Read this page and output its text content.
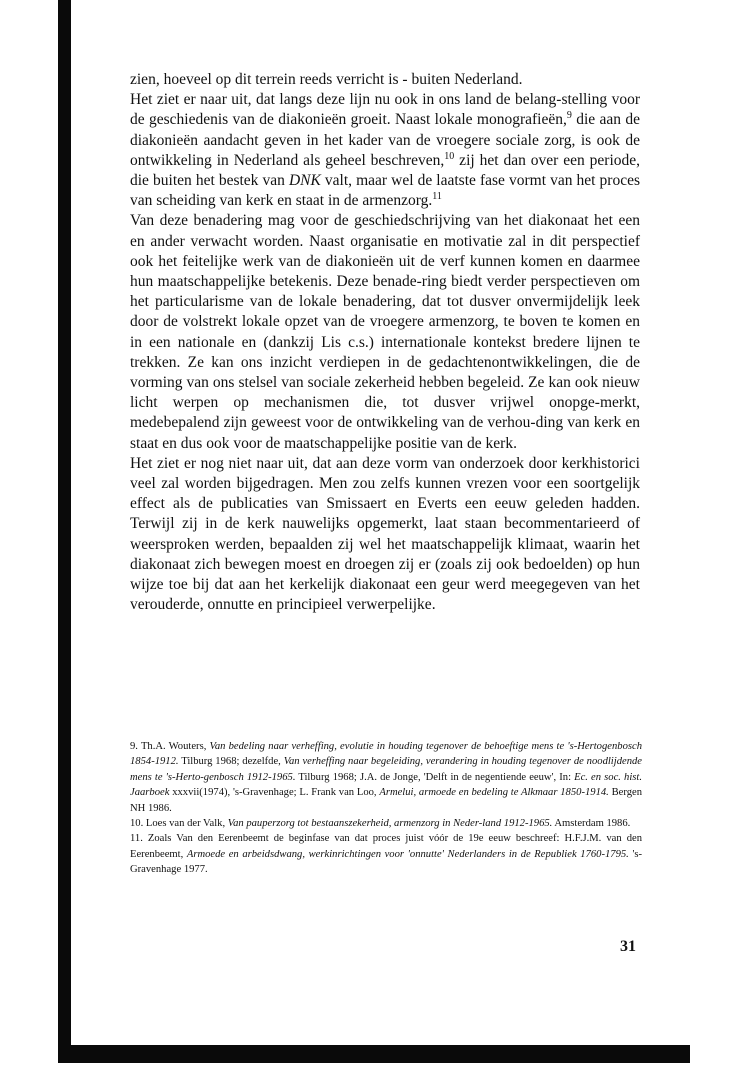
zien, hoeveel op dit terrein reeds verricht is - buiten Nederland.

Het ziet er naar uit, dat langs deze lijn nu ook in ons land de belang-stelling voor de geschiedenis van de diakonieën groeit. Naast lokale monografieën,$^9$ die aan de diakonieën aandacht geven in het kader van de vroegere sociale zorg, is ook de ontwikkeling in Nederland als geheel beschreven,$^{10}$ zij het dan over een periode, die buiten het bestek van DNK valt, maar wel de laatste fase vormt van het proces van scheiding van kerk en staat in de armenzorg.$^{11}$

Van deze benadering mag voor de geschiedschrijving van het diakonaat het een en ander verwacht worden. Naast organisatie en motivatie zal in dit perspectief ook het feitelijke werk van de diakonieën uit de verf kunnen komen en daarmee hun maatschappelijke betekenis. Deze benade-ring biedt verder perspectieven om het particularisme van de lokale benadering, dat tot dusver onvermijdelijk leek door de volstrekt lokale opzet van de vroegere armenzorg, te boven te komen en in een nationale en (dankzij Lis c.s.) internationale kontekst bredere lijnen te trekken. Ze kan ons inzicht verdiepen in de gedachtenontwikkelingen, die de vorming van ons stelsel van sociale zekerheid hebben begeleid. Ze kan ook nieuw licht werpen op mechanismen die, tot dusver vrijwel onopge-merkt, medebepalend zijn geweest voor de ontwikkeling van de verhou-ding van kerk en staat en dus ook voor de maatschappelijke positie van de kerk.

Het ziet er nog niet naar uit, dat aan deze vorm van onderzoek door kerkhistorici veel zal worden bijgedragen. Men zou zelfs kunnen vrezen voor een soortgelijk effect als de publicaties van Smissaert en Everts een eeuw geleden hadden. Terwijl zij in de kerk nauwelijks opgemerkt, laat staan becommentarieerd of weersproken werden, bepaalden zij wel het maatschappelijk klimaat, waarin het diakonaat zich bewegen moest en droegen zij er (zoals zij ook bedoelden) op hun wijze toe bij dat aan het kerkelijk diakonaat een geur werd meegegeven van het verouderde, onnutte en principieel verwerpelijke.

9. Th.A. Wouters, Van bedeling naar verheffing, evolutie in houding tegenover de behoeftige mens te 's-Hertogenbosch 1854-1912. Tilburg 1968; dezelfde, Van verheffing naar begeleiding, verandering in houding tegenover de noodlijdende mens te 's-Herto-genbosch 1912-1965. Tilburg 1968; J.A. de Jonge, 'Delft in de negentiende eeuw', In: Ec. en soc. hist. Jaarboek xxxvii(1974), 's-Gravenhage; L. Frank van Loo, Armelui, armoede en bedeling te Alkmaar 1850-1914. Bergen NH 1986.

10. Loes van der Valk, Van pauperzorg tot bestaanszekerheid, armenzorg in Neder-land 1912-1965. Amsterdam 1986.

11. Zoals Van den Eerenbeemt de beginfase van dat proces juist vóór de 19e eeuw beschreef: H.F.J.M. van den Eerenbeemt, Armoede en arbeidsdwang, werkinrichtingen voor 'onnutte' Nederlanders in de Republiek 1760-1795. 's-Gravenhage 1977.

31
